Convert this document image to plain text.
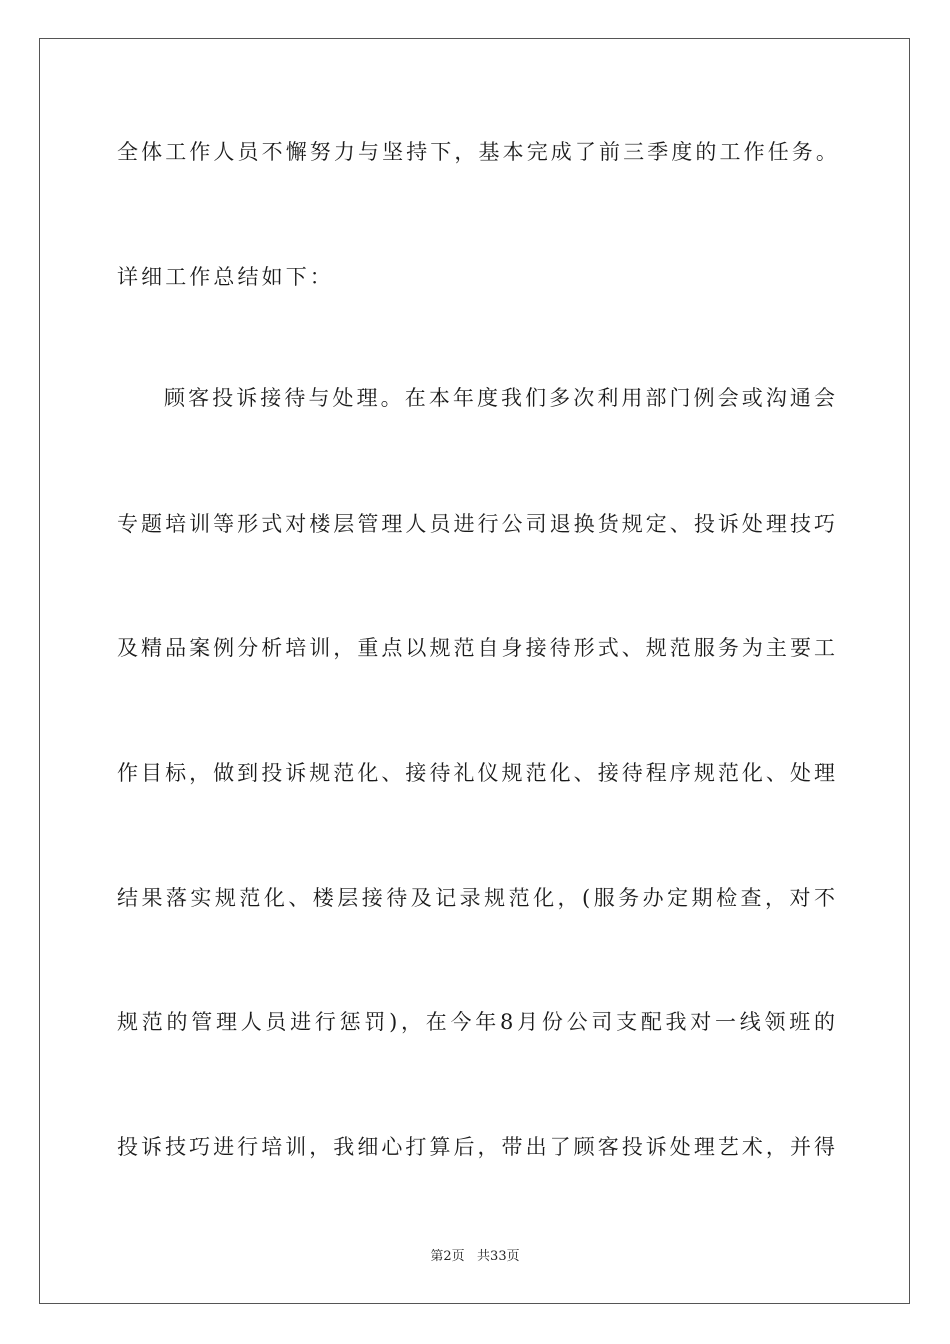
全体工作人员不懈努力与坚持下，基本完成了前三季度的工作任务。
详细工作总结如下：
顾客投诉接待与处理。在本年度我们多次利用部门例会或沟通会
专题培训等形式对楼层管理人员进行公司退换货规定、投诉处理技巧
及精品案例分析培训，重点以规范自身接待形式、规范服务为主要工
作目标，做到投诉规范化、接待礼仪规范化、接待程序规范化、处理
结果落实规范化、楼层接待及记录规范化，(服务办定期检查，对不
规范的管理人员进行惩罚)，在今年8月份公司支配我对一线领班的
投诉技巧进行培训，我细心打算后，带出了顾客投诉处理艺术，并得
第2页   共33页
